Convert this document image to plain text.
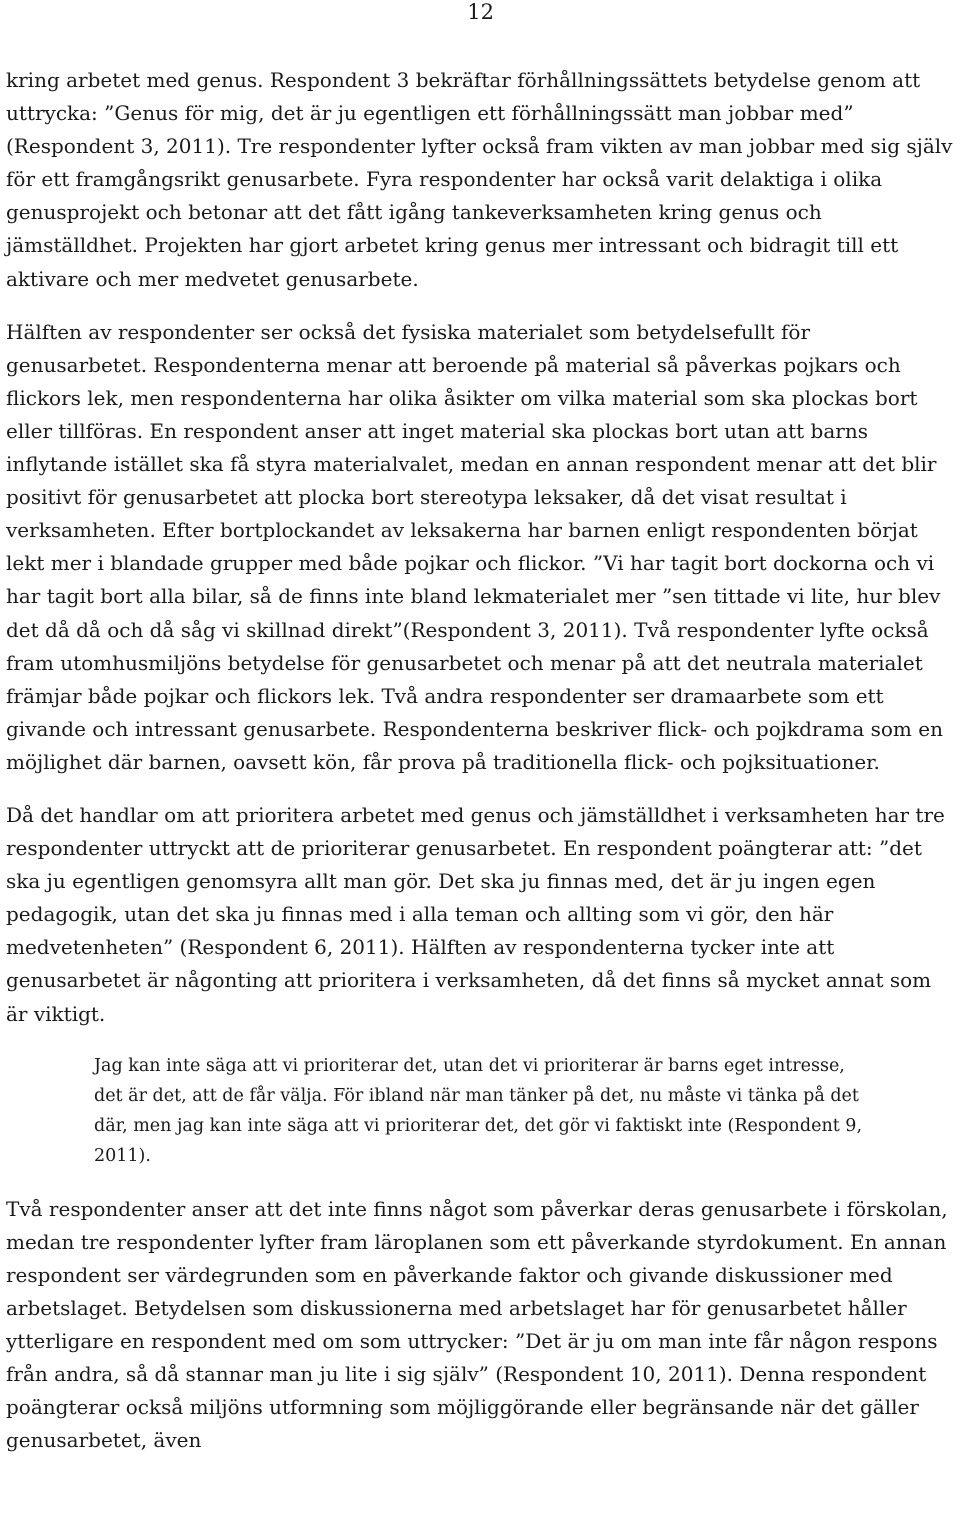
12

kring arbetet med genus. Respondent 3 bekräftar förhållningssättets betydelse genom att uttrycka: ”Genus för mig, det är ju egentligen ett förhållningssätt man jobbar med” (Respondent 3, 2011). Tre respondenter lyfter också fram vikten av man jobbar med sig själv för ett framgångsrikt genusarbete. Fyra respondenter har också varit delaktiga i olika genusprojekt och betonar att det fått igång tankeverksamheten kring genus och jämställdhet. Projekten har gjort arbetet kring genus mer intressant och bidragit till ett aktivare och mer medvetet genusarbete.

Hälften av respondenter ser också det fysiska materialet som betydelsefullt för genusarbetet. Respondenterna menar att beroende på material så påverkas pojkars och flickors lek, men respondenterna har olika åsikter om vilka material som ska plockas bort eller tillföras. En respondent anser att inget material ska plockas bort utan att barns inflytande istället ska få styra materialvalet, medan en annan respondent menar att det blir positivt för genusarbetet att plocka bort stereotypa leksaker, då det visat resultat i verksamheten. Efter bortplockandet av leksakerna har barnen enligt respondenten börjat lekt mer i blandade grupper med både pojkar och flickor. ”Vi har tagit bort dockorna och vi har tagit bort alla bilar, så de finns inte bland lekmaterialet mer ”sen tittade vi lite, hur blev det då då och då såg vi skillnad direkt”(Respondent 3, 2011). Två respondenter lyfte också fram utomhusmiljöns betydelse för genusarbetet och menar på att det neutrala materialet främjar både pojkar och flickors lek. Två andra respondenter ser dramaarbete som ett givande och intressant genusarbete. Respondenterna beskriver flick- och pojkdrama som en möjlighet där barnen, oavsett kön, får prova på traditionella flick- och pojksituationer.

Då det handlar om att prioritera arbetet med genus och jämställdhet i verksamheten har tre respondenter uttryckt att de prioriterar genusarbetet. En respondent poängterar att: ”det ska ju egentligen genomsyra allt man gör. Det ska ju finnas med, det är ju ingen egen pedagogik, utan det ska ju finnas med i alla teman och allting som vi gör, den här medvetenheten” (Respondent 6, 2011). Hälften av respondenterna tycker inte att genusarbetet är någonting att prioritera i verksamheten, då det finns så mycket annat som är viktigt.

Jag kan inte säga att vi prioriterar det, utan det vi prioriterar är barns eget intresse, det är det, att de får välja. För ibland när man tänker på det, nu måste vi tänka på det där, men jag kan inte säga att vi prioriterar det, det gör vi faktiskt inte (Respondent 9, 2011).

Två respondenter anser att det inte finns något som påverkar deras genusarbete i förskolan, medan tre respondenter lyfter fram läroplanen som ett påverkande styrdokument. En annan respondent ser värdegrunden som en påverkande faktor och givande diskussioner med arbetslaget. Betydelsen som diskussionerna med arbetslaget har för genusarbetet håller ytterligare en respondent med om som uttrycker: ”Det är ju om man inte får någon respons från andra, så då stannar man ju lite i sig själv” (Respondent 10, 2011). Denna respondent poängterar också miljöns utformning som möjliggörande eller begränsande när det gäller genusarbetet, även
